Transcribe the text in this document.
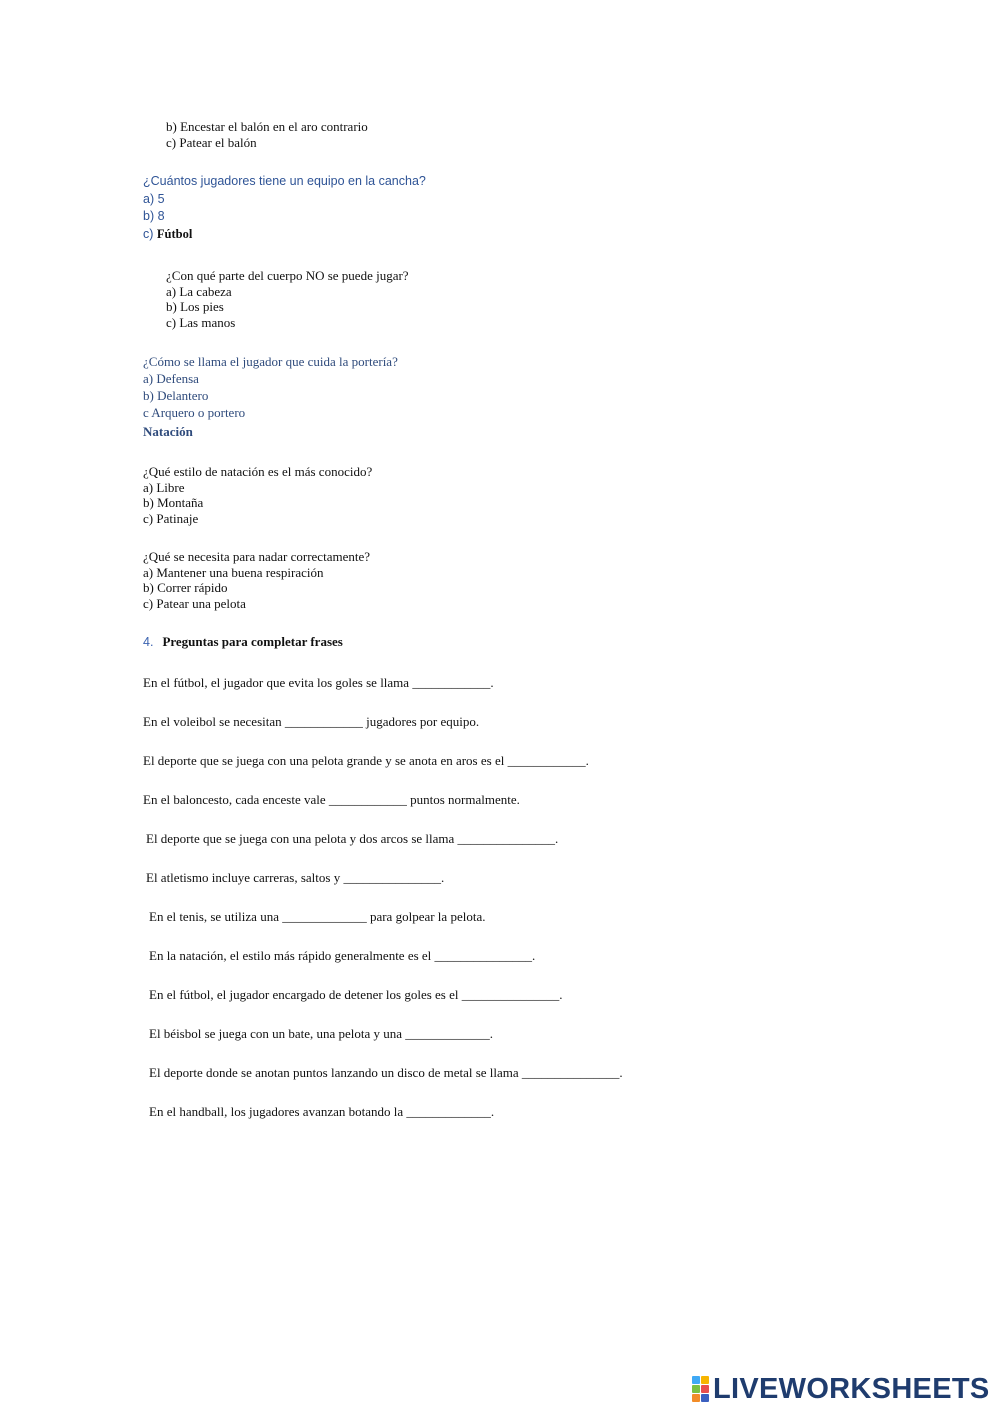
b) Encestar el balón en el aro contrario
c) Patear el balón
¿Cuántos jugadores tiene un equipo en la cancha?
a) 5
b) 8
c) Fútbol
¿Con qué parte del cuerpo NO se puede jugar?
a) La cabeza
b) Los pies
c) Las manos
¿Cómo se llama el jugador que cuida la portería?
a) Defensa
b) Delantero
c Arquero o portero
Natación
¿Qué estilo de natación es el más conocido?
a) Libre
b) Montaña
c) Patinaje
¿Qué se necesita para nadar correctamente?
a) Mantener una buena respiración
b) Correr rápido
c) Patear una pelota
4. Preguntas para completar frases
En el fútbol, el jugador que evita los goles se llama ____________.
En el voleibol se necesitan ____________ jugadores por equipo.
El deporte que se juega con una pelota grande y se anota en aros es el ____________.
En el baloncesto, cada enceste vale ____________ puntos normalmente.
El deporte que se juega con una pelota y dos arcos se llama _______________.
El atletismo incluye carreras, saltos y _______________.
En el tenis, se utiliza una _____________ para golpear la pelota.
En la natación, el estilo más rápido generalmente es el _______________.
En el fútbol, el jugador encargado de detener los goles es el _______________.
El béisbol se juega con un bate, una pelota y una _____________.
El deporte donde se anotan puntos lanzando un disco de metal se llama _______________.
En el handball, los jugadores avanzan botando la _____________.
LIVEWORKSHEETS
